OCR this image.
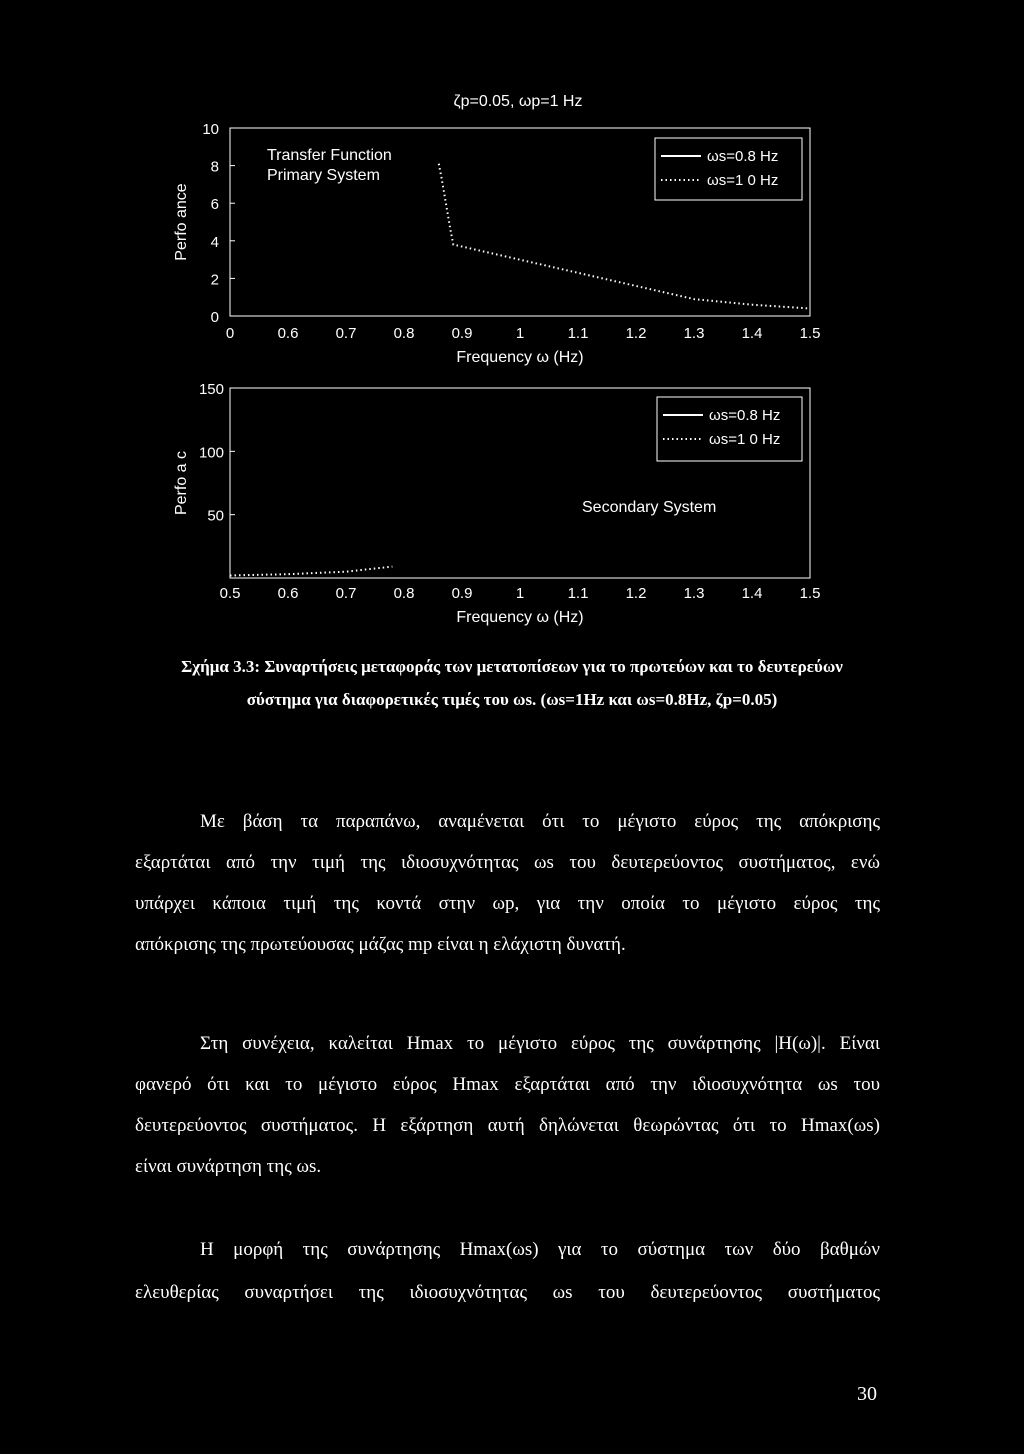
0
2
4
6
8
10
0	0.6 0.7 0.8 0.9	1	1.1 1.2 1.3 1.4 1.5
Frequency ω (Hz)
Perfo ance
ζp=0.05, ωp=1 Hz
Transfer Function
Primary System
ωs=0.8 Hz
ωs=1 0 Hz
50
100
150
0.5 0.6 0.7 0.8 0.9	1	1.1 1.2 1.3 1.4 1.5
Frequency ω (Hz)
Perfo a c	Secondary System
ωs=0.8 Hz
ωs=1 0 Hz
Σχήμα 3.3: Συναρτήσεις μεταφοράς των μετατοπίσεων για το πρωτεύων και το δευτερεύων
σύστημα για διαφορετικές τιμές του ωs. (ωs=1Hz και ωs=0.8Hz, ζp=0.05)
Με βάση τα παραπάνω, αναμένεται ότι το μέγιστο εύρος της απόκρισης
εξαρτάται από την τιμή της ιδιοσυχνότητας ωs του δευτερεύοντος συστήματος, ενώ
υπάρχει κάποια τιμή της κοντά στην ωp, για την οποία το μέγιστο εύρος της
απόκρισης της πρωτεύουσας μάζας mp είναι η ελάχιστη δυνατή.
Στη συνέχεια, καλείται Hmax το μέγιστο εύρος της συνάρτησης |H(ω)|. Είναι
φανερό ότι και το μέγιστο εύρος Hmax εξαρτάται από την ιδιοσυχνότητα ωs του
δευτερεύοντος συστήματος. Η εξάρτηση αυτή δηλώνεται θεωρώντας ότι το Hmax(ωs)
είναι συνάρτηση της ωs.
Η μορφή της συνάρτησης Hmax(ωs) για το σύστημα των δύο βαθμών
ελευθερίας συναρτήσει της ιδιοσυχνότητας ωs του δευτερεύοντος συστήματος
30
